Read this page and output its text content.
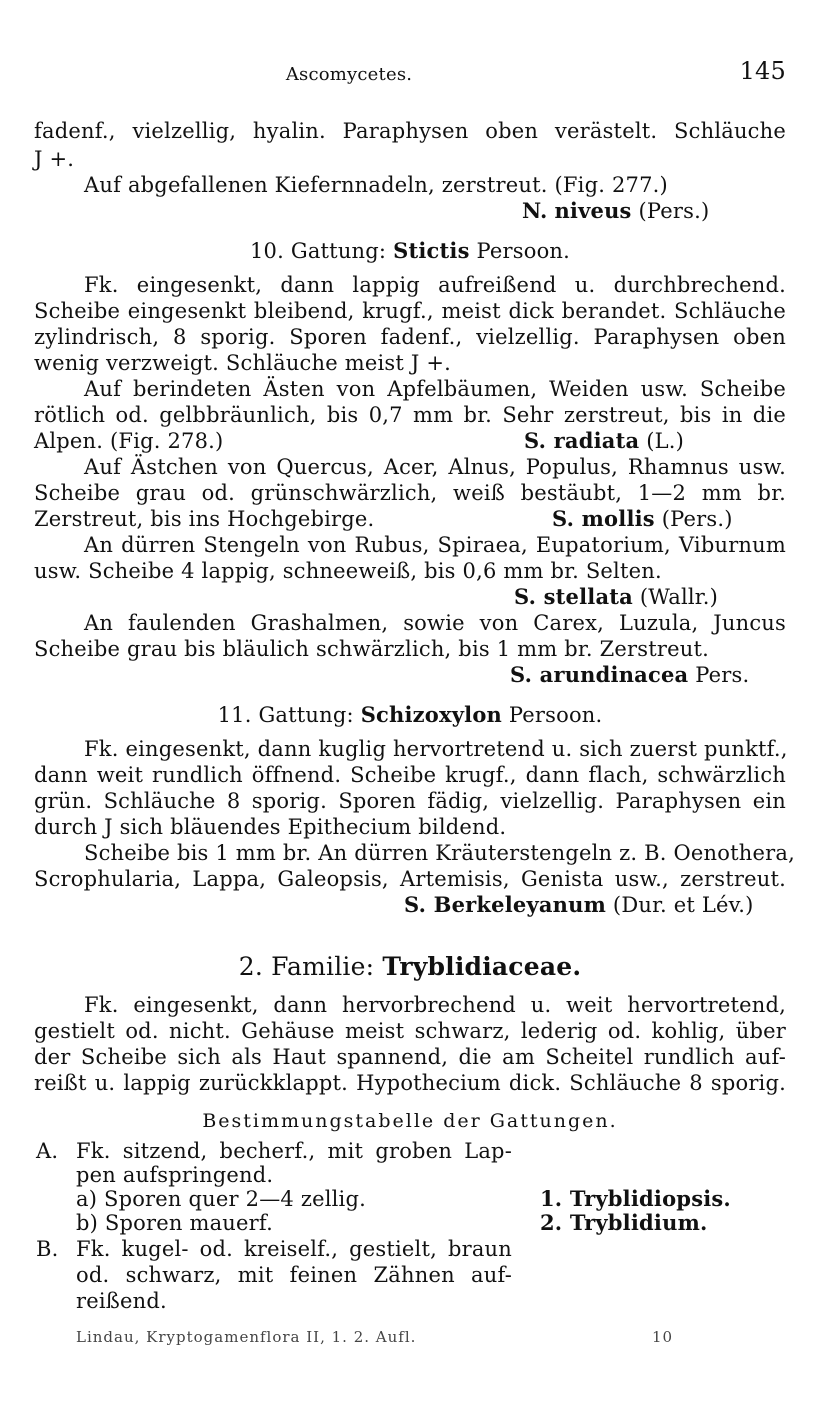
Ascomycetes.	145
fadenf., vielzellig, hyalin. Paraphysen oben verästelt. Schläuche
J +.
Auf abgefallenen Kiefernnadeln, zerstreut. (Fig. 277.)
N. niveus (Pers.)
10. Gattung: Stictis Persoon.
Fk. eingesenkt, dann lappig aufreißend u. durchbrechend.
Scheibe eingesenkt bleibend, krugf., meist dick berandet. Schläuche
zylindrisch, 8 sporig. Sporen fadenf., vielzellig. Paraphysen oben
wenig verzweigt. Schläuche meist J +.
Auf berindeten Ästen von Apfelbäumen, Weiden usw. Scheibe
rötlich od. gelbbräunlich, bis 0,7 mm br. Sehr zerstreut, bis in die
Alpen. (Fig. 278.)	S. radiata (L.)
Auf Ästchen von Quercus, Acer, Alnus, Populus, Rhamnus usw.
Scheibe grau od. grünschwärzlich, weiß bestäubt, 1—2 mm br.
Zerstreut, bis ins Hochgebirge.	S. mollis (Pers.)
An dürren Stengeln von Rubus, Spiraea, Eupatorium, Viburnum
usw. Scheibe 4 lappig, schneeweiß, bis 0,6 mm br. Selten.
S. stellata (Wallr.)
An faulenden Grashalmen, sowie von Carex, Luzula, Juncus
Scheibe grau bis bläulich schwärzlich, bis 1 mm br. Zerstreut.
S. arundinacea Pers.
11. Gattung: Schizoxylon Persoon.
Fk. eingesenkt, dann kuglig hervortretend u. sich zuerst punktf.,
dann weit rundlich öffnend. Scheibe krugf., dann flach, schwärzlich
grün. Schläuche 8 sporig. Sporen fädig, vielzellig. Paraphysen ein
durch J sich bläuendes Epithecium bildend.
Scheibe bis 1 mm br. An dürren Kräuterstengeln z. B. Oenothera,
Scrophularia, Lappa, Galeopsis, Artemisis, Genista usw., zerstreut.
S. Berkeleyanum (Dur. et Lév.)
2. Familie: Tryblidiaceae.
Fk. eingesenkt, dann hervorbrechend u. weit hervortretend,
gestielt od. nicht. Gehäuse meist schwarz, lederig od. kohlig, über
der Scheibe sich als Haut spannend, die am Scheitel rundlich auf-
reißt u. lappig zurückklappt. Hypothecium dick. Schläuche 8 sporig.
Bestimmungstabelle der Gattungen.
A. Fk. sitzend, becherf., mit groben Lap-
pen aufspringend.
a) Sporen quer 2—4 zellig.	1. Tryblidiopsis.
b) Sporen mauerf.	2. Tryblidium.
B. Fk. kugel- od. kreiself., gestielt, braun
od. schwarz, mit feinen Zähnen auf-
reißend.
Lindau, Kryptogamenflora II, 1. 2. Aufl.	10
